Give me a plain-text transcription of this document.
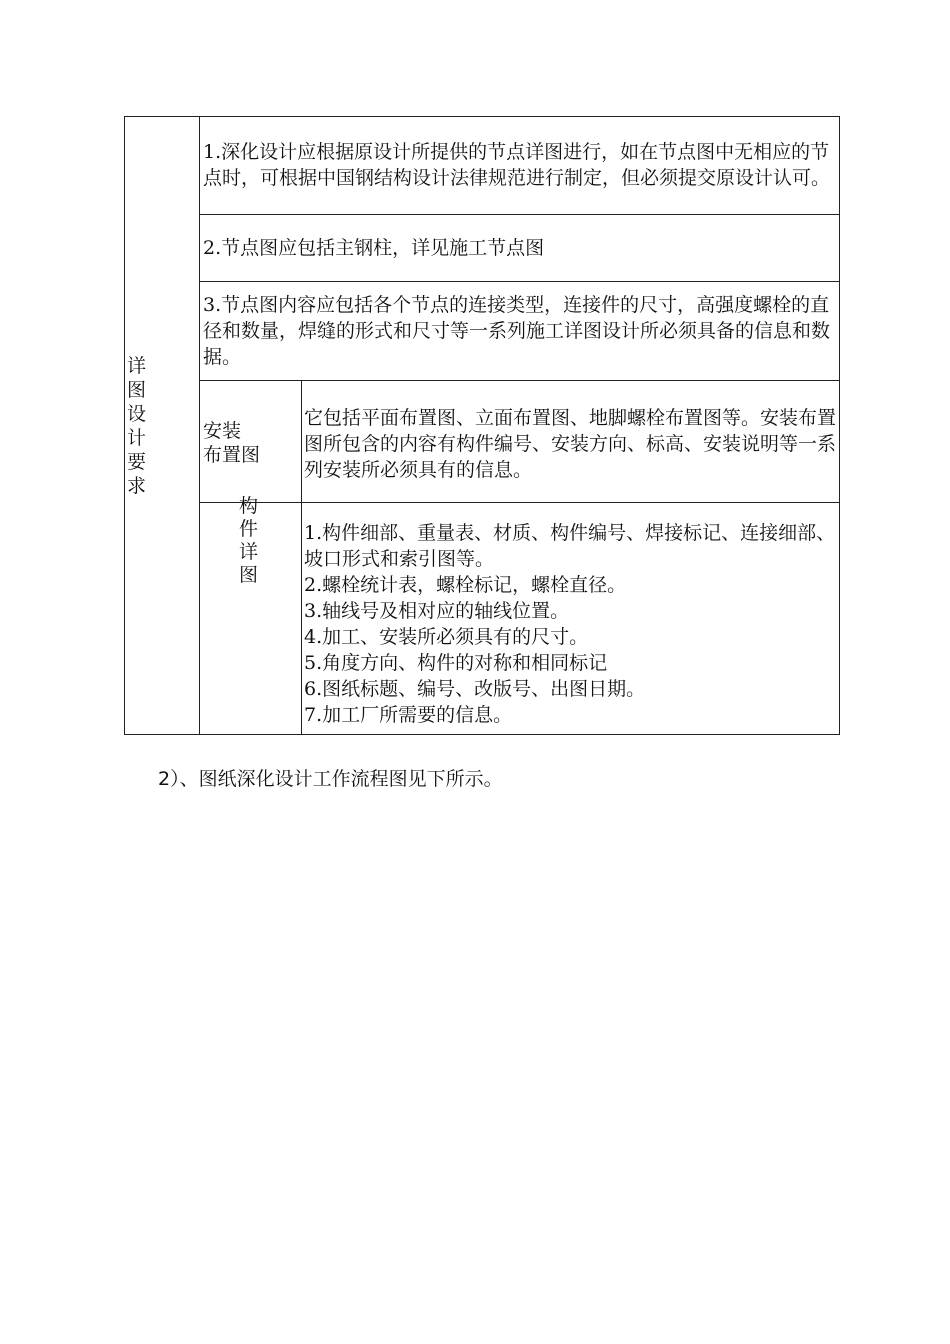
详图设计要求
1.深化设计应根据原设计所提供的节点详图进行，如在节点图中无相应的节点时，可根据中国钢结构设计法律规范进行制定，但必须提交原设计认可。
2.节点图应包括主钢柱，详见施工节点图
3.节点图内容应包括各个节点的连接类型，连接件的尺寸，高强度螺栓的直径和数量，焊缝的形式和尺寸等一系列施工详图设计所必须具备的信息和数据。
安装
布置图
它包括平面布置图、立面布置图、地脚螺栓布置图等。安装布置图所包含的内容有构件编号、安装方向、标高、安装说明等一系列安装所必须具有的信息。
构件详图

1.构件细部、重量表、材质、构件编号、焊接标记、连接细部、坡口形式和索引图等。

2.螺栓统计表，螺栓标记，螺栓直径。

3.轴线号及相对应的轴线位置。

4.加工、安装所必须具有的尺寸。

5.角度方向、构件的对称和相同标记

6.图纸标题、编号、改版号、出图日期。

7.加工厂所需要的信息。

2）、图纸深化设计工作流程图见下所示。
